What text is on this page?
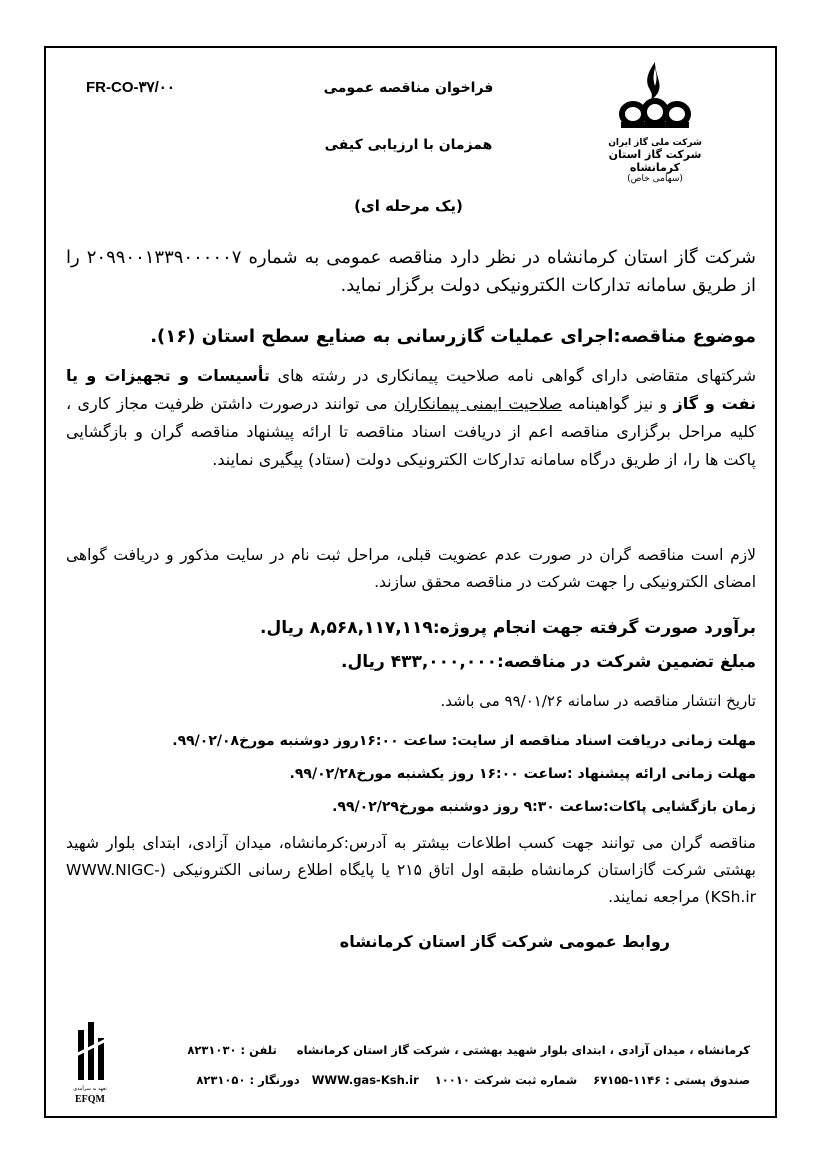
FR-CO-۳۷/۰۰	فراخوان مناقصه عمومی
همزمان با ارزیابی کیفی
(یک مرحله ای)
شرکت ملی گاز ایران
شرکت گاز استان کرمانشاه
(سهامی خاص)

شرکت گاز استان کرمانشاه در نظر دارد مناقصه عمومی به شماره ۲۰۹۹۰۰۱۳۳۹۰۰۰۰۰۷ را از طریق سامانه تدارکات الکترونیکی دولت برگزار نماید.

موضوع مناقصه:اجرای عملیات گازرسانی به صنایع سطح استان (۱۶).

شرکتهای متقاضی دارای گواهی نامه صلاحیت پیمانکاری در رشته های تأسیسات و تجهیزات و یا نفت و گاز و نیز گواهینامه صلاحیت ایمنی پیمانکاران می توانند درصورت داشتن ظرفیت مجاز کاری ، کلیه مراحل برگزاری مناقصه اعم از دریافت اسناد مناقصه تا ارائه پیشنهاد مناقصه گران و بازگشایی پاکت ها را، از طریق درگاه سامانه تدارکات الکترونیکی دولت (ستاد) پیگیری نمایند.

لازم است مناقصه گران در صورت عدم عضویت قبلی، مراحل ثبت نام در سایت مذکور و دریافت گواهی امضای الکترونیکی را جهت شرکت در مناقصه محقق سازند.

برآورد صورت گرفته جهت انجام پروژه:۸,۵۶۸,۱۱۷,۱۱۹ ریال.
مبلغ تضمین شرکت در مناقصه:۴۳۳,۰۰۰,۰۰۰ ریال.
تاریخ انتشار مناقصه در سامانه ۹۹/۰۱/۲۶ می باشد.
مهلت زمانی دریافت اسناد مناقصه از سایت: ساعت ۱۶:۰۰روز دوشنبه مورخ۹۹/۰۲/۰۸.
مهلت زمانی ارائه پیشنهاد :ساعت ۱۶:۰۰ روز یکشنبه مورخ۹۹/۰۲/۲۸.
زمان بازگشایی پاکات:ساعت ۹:۳۰ روز دوشنبه مورخ۹۹/۰۲/۲۹.

مناقصه گران می توانند جهت کسب اطلاعات بیشتر به آدرس:کرمانشاه، میدان آزادی، ابتدای بلوار شهید بهشتی شرکت گازاستان کرمانشاه طبقه اول اتاق ۲۱۵ یا پایگاه اطلاع رسانی الکترونیکی (WWW.NIGC-KSh.ir) مراجعه نمایند.

روابط عمومی شرکت گاز استان کرمانشاه
کرمانشاه ، میدان آزادی ، ابتدای بلوار شهید بهشتی ، شرکت گاز استان کرمانشاه     تلفن : ۸۲۳۱۰۳۰
صندوق پستی : ۱۱۴۶-۶۷۱۵۵    شماره ثبت شرکت ۱۰۰۱۰    WWW.gas-Ksh.ir   دورنگار : ۸۲۳۱۰۵۰
تعهد به سرآمدی
EFQM
